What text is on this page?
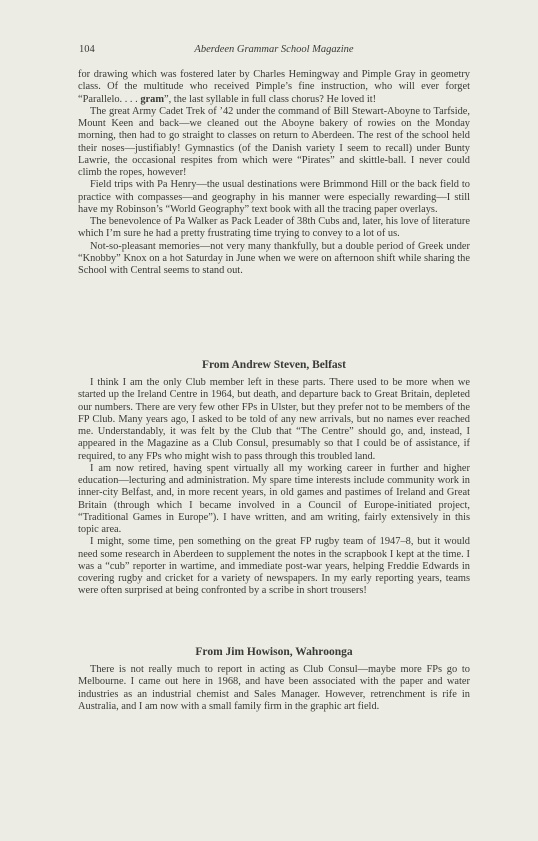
104	Aberdeen Grammar School Magazine

for drawing which was fostered later by Charles Hemingway and Pimple Gray in geometry class. Of the multitude who received Pimple’s fine instruction, who will ever forget “Parallelo. . . . gram”, the last syllable in full class chorus? He loved it!

The great Army Cadet Trek of ’42 under the command of Bill Stewart-Aboyne to Tarfside, Mount Keen and back—we cleaned out the Aboyne bakery of rowies on the Monday morning, then had to go straight to classes on return to Aberdeen. The rest of the school held their noses—justifiably! Gymnastics (of the Danish variety I seem to recall) under Bunty Lawrie, the occasional respites from which were “Pirates” and skittle-ball. I never could climb the ropes, however!

Field trips with Pa Henry—the usual destinations were Brimmond Hill or the back field to practice with compasses—and geography in his manner were especially rewarding—I still have my Robinson’s “World Geography” text book with all the tracing paper overlays.

The benevolence of Pa Walker as Pack Leader of 38th Cubs and, later, his love of literature which I’m sure he had a pretty frustrating time trying to convey to a lot of us.

Not-so-pleasant memories—not very many thankfully, but a double period of Greek under “Knobby” Knox on a hot Saturday in June when we were on afternoon shift while sharing the School with Central seems to stand out.

From Andrew Steven, Belfast

I think I am the only Club member left in these parts. There used to be more when we started up the Ireland Centre in 1964, but death, and departure back to Great Britain, depleted our numbers. There are very few other FPs in Ulster, but they prefer not to be members of the FP Club. Many years ago, I asked to be told of any new arrivals, but no names ever reached me. Understandably, it was felt by the Club that “The Centre” should go, and, instead, I appeared in the Magazine as a Club Consul, presumably so that I could be of assistance, if required, to any FPs who might wish to pass through this troubled land.

I am now retired, having spent virtually all my working career in further and higher education—lecturing and administration. My spare time interests include community work in inner-city Belfast, and, in more recent years, in old games and pastimes of Ireland and Great Britain (through which I became involved in a Council of Europe-initiated project, “Traditional Games in Europe”). I have written, and am writing, fairly extensively in this topic area.

I might, some time, pen something on the great FP rugby team of 1947–8, but it would need some research in Aberdeen to supplement the notes in the scrapbook I kept at the time. I was a “cub” reporter in wartime, and immediate post-war years, helping Freddie Edwards in covering rugby and cricket for a variety of newspapers. In my early reporting years, teams were often surprised at being confronted by a scribe in short trousers!

From Jim Howison, Wahroonga

There is not really much to report in acting as Club Consul—maybe more FPs go to Melbourne. I came out here in 1968, and have been associated with the paper and water industries as an industrial chemist and Sales Manager. However, retrenchment is rife in Australia, and I am now with a small family firm in the graphic art field.
